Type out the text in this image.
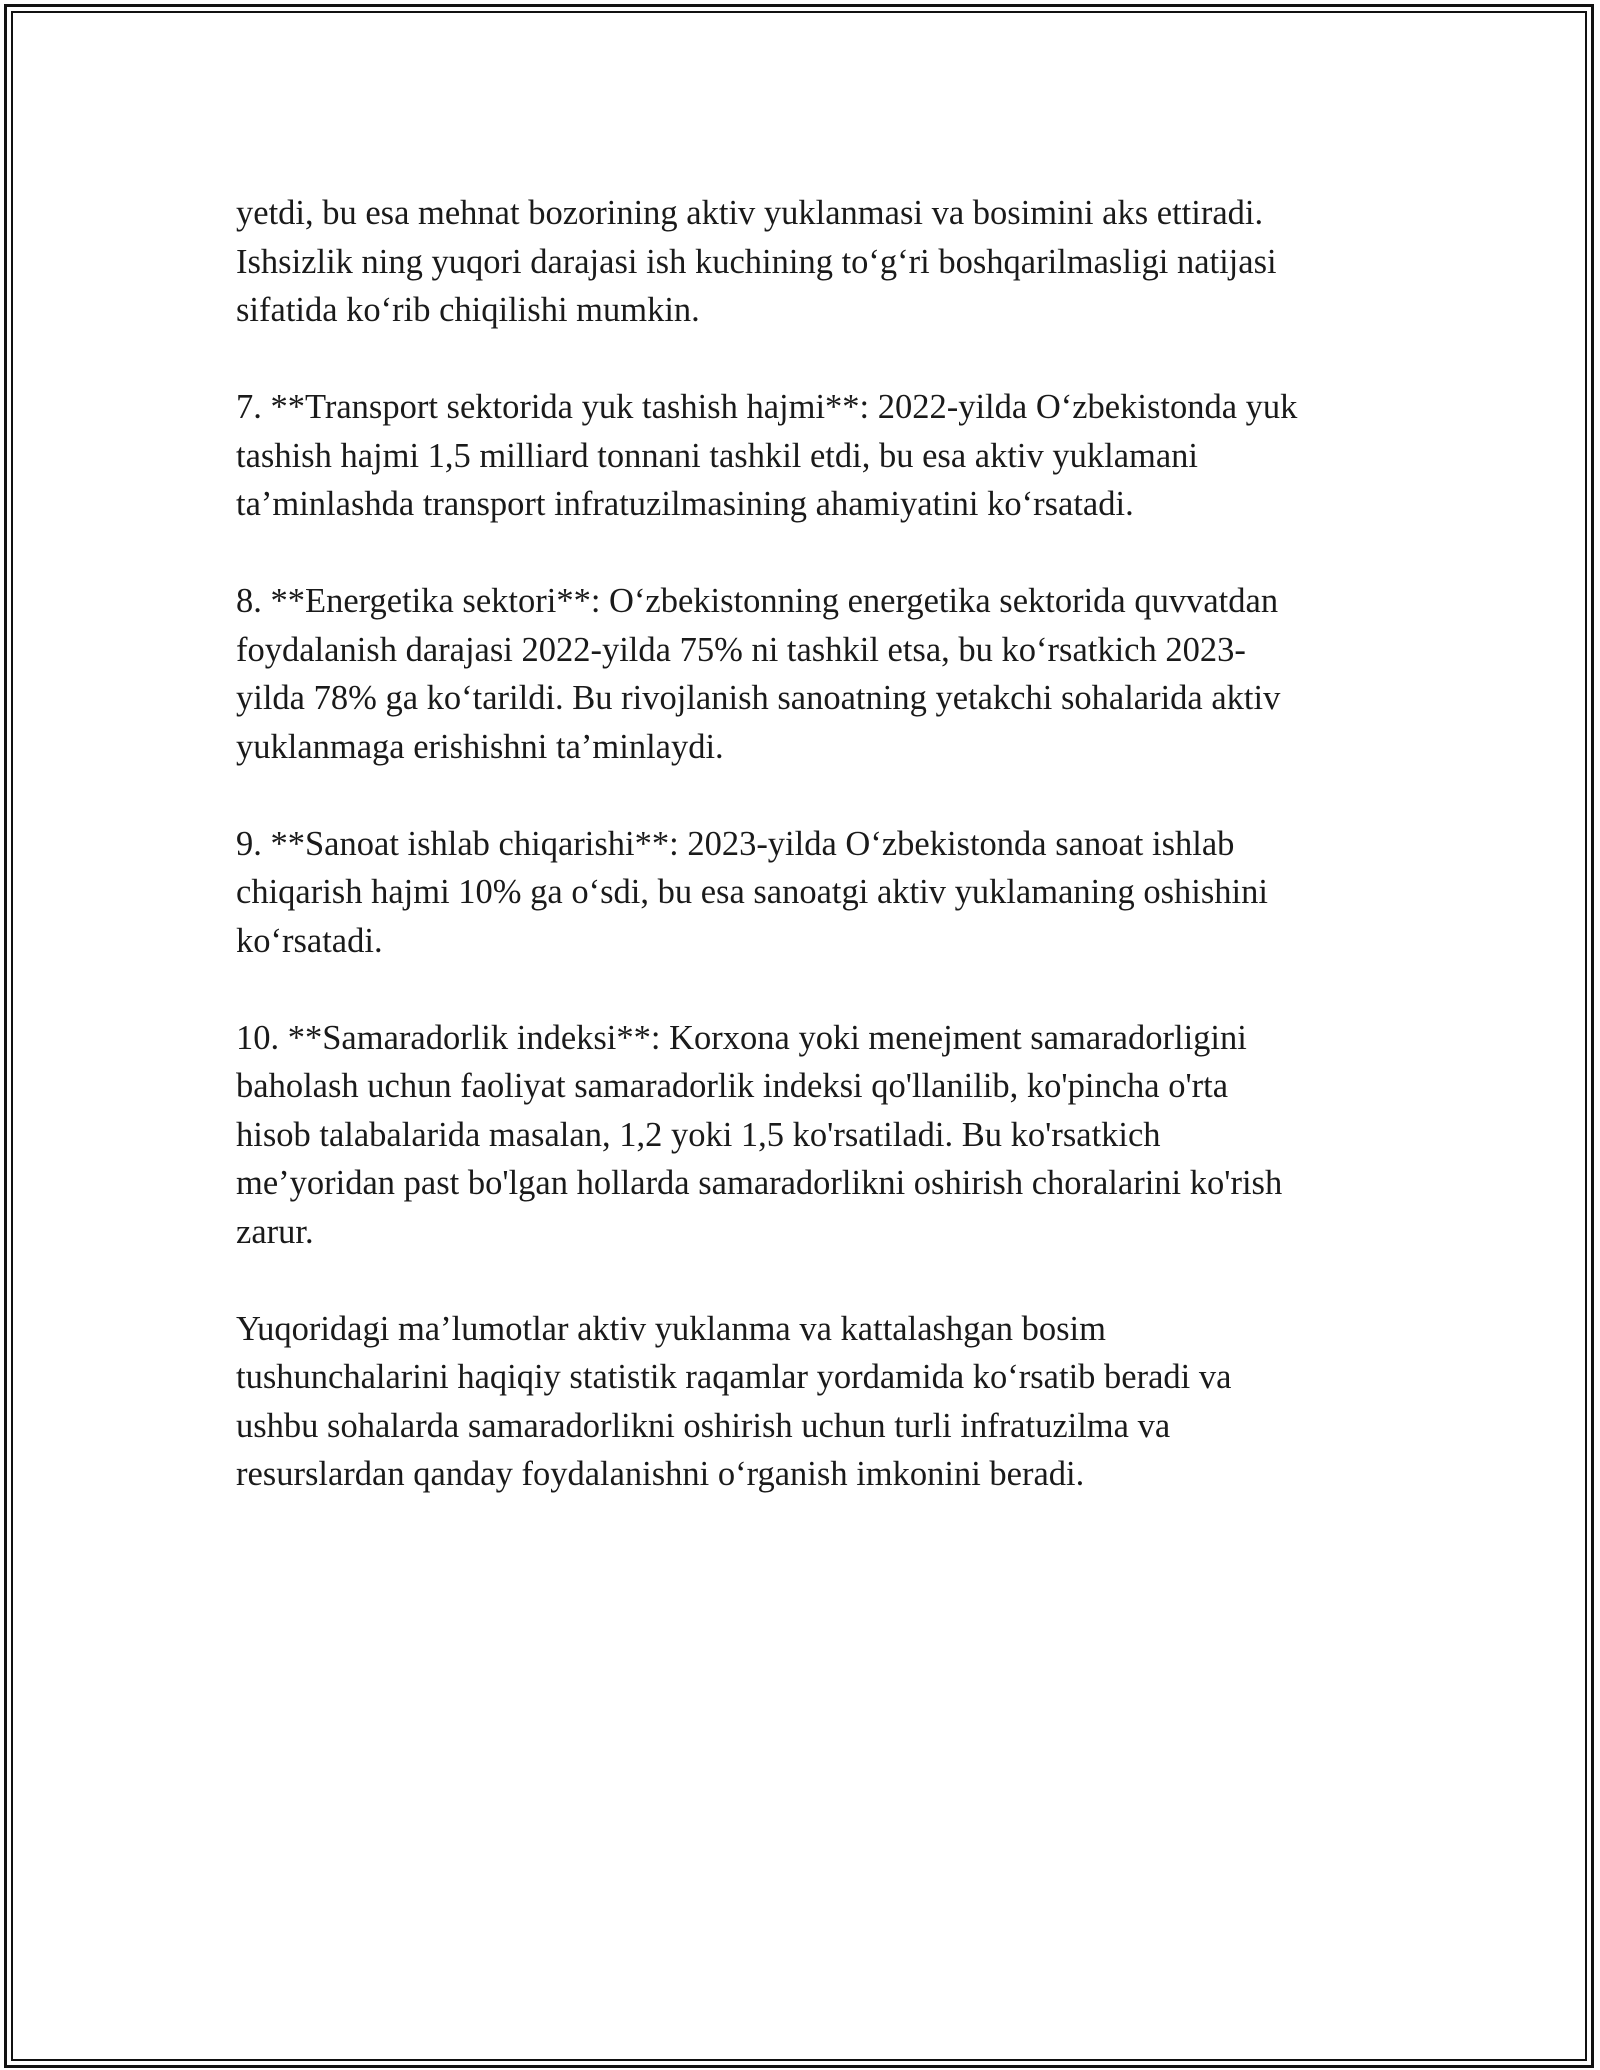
yetdi, bu esa mehnat bozorining aktiv yuklanmasi va bosimini aks ettiradi.
Ishsizlik ning yuqori darajasi ish kuchining to‘g‘ri boshqarilmasligi natijasi
sifatida ko‘rib chiqilishi mumkin.

7. **Transport sektorida yuk tashish hajmi**: 2022-yilda O‘zbekistonda yuk
tashish hajmi 1,5 milliard tonnani tashkil etdi, bu esa aktiv yuklamani
ta’minlashda transport infratuzilmasining ahamiyatini ko‘rsatadi.

8. **Energetika sektori**: O‘zbekistonning energetika sektorida quvvatdan
foydalanish darajasi 2022-yilda 75% ni tashkil etsa, bu ko‘rsatkich 2023-
yilda 78% ga ko‘tarildi. Bu rivojlanish sanoatning yetakchi sohalarida aktiv
yuklanmaga erishishni ta’minlaydi.

9. **Sanoat ishlab chiqarishi**: 2023-yilda O‘zbekistonda sanoat ishlab
chiqarish hajmi 10% ga o‘sdi, bu esa sanoatgi aktiv yuklamaning oshishini
ko‘rsatadi.

10. **Samaradorlik indeksi**: Korxona yoki menejment samaradorligini
baholash uchun faoliyat samaradorlik indeksi qo'llanilib, ko'pincha o'rta
hisob talabalarida masalan, 1,2 yoki 1,5 ko'rsatiladi. Bu ko'rsatkich
me’yoridan past bo'lgan hollarda samaradorlikni oshirish choralarini ko'rish
zarur.

Yuqoridagi ma’lumotlar aktiv yuklanma va kattalashgan bosim
tushunchalarini haqiqiy statistik raqamlar yordamida ko‘rsatib beradi va
ushbu sohalarda samaradorlikni oshirish uchun turli infratuzilma va
resurslardan qanday foydalanishni o‘rganish imkonini beradi.
